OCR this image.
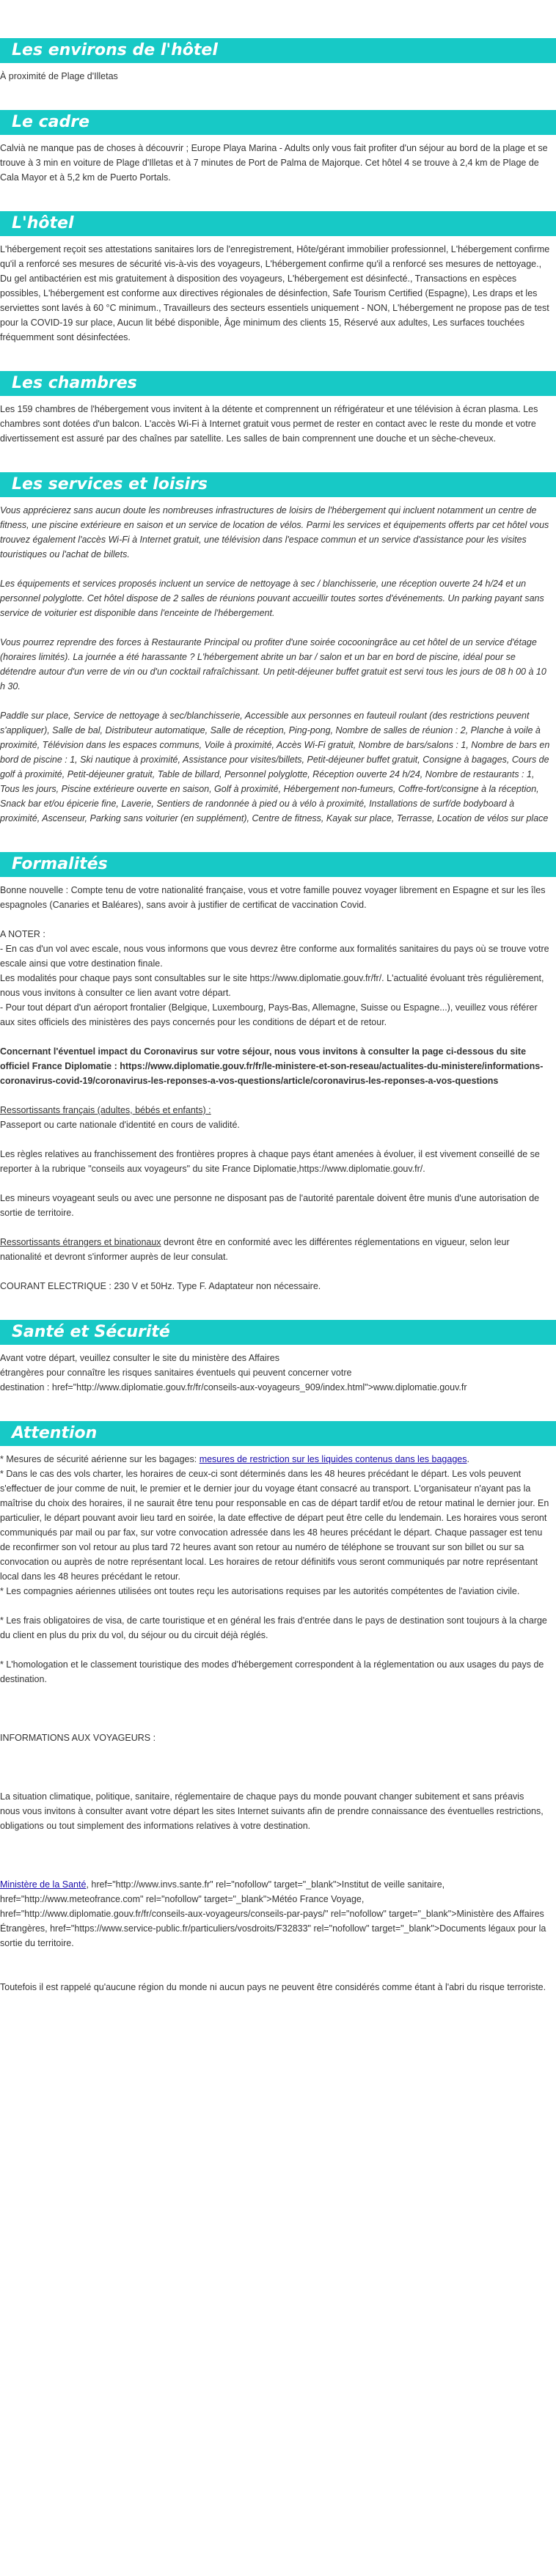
Les environs de l'hôtel

À proximité de Plage d'Illetas

Le cadre

Calvià ne manque pas de choses à découvrir ; Europe Playa Marina - Adults only vous fait profiter d'un séjour au bord de la plage et se trouve à 3 min en voiture de Plage d'Illetas et à 7 minutes de Port de Palma de Majorque. Cet hôtel 4 se trouve à 2,4 km de Plage de Cala Mayor et à 5,2 km de Puerto Portals.

L'hôtel

L'hébergement reçoit ses attestations sanitaires lors de l'enregistrement, Hôte/gérant immobilier professionnel, L'hébergement confirme qu'il a renforcé ses mesures de sécurité vis-à-vis des voyageurs, L'hébergement confirme qu'il a renforcé ses mesures de nettoyage., Du gel antibactérien est mis gratuitement à disposition des voyageurs, L'hébergement est désinfecté., Transactions en espèces possibles, L'hébergement est conforme aux directives régionales de désinfection, Safe Tourism Certified (Espagne), Les draps et les serviettes sont lavés à 60 °C minimum., Travailleurs des secteurs essentiels uniquement - NON, L'hébergement ne propose pas de test pour la COVID-19 sur place, Aucun lit bébé disponible, Âge minimum des clients 15, Réservé aux adultes, Les surfaces touchées fréquemment sont désinfectées.

Les chambres

Les 159 chambres de l'hébergement vous invitent à la détente et comprennent un réfrigérateur et une télévision à écran plasma. Les chambres sont dotées d'un balcon. L'accès Wi-Fi à Internet gratuit vous permet de rester en contact avec le reste du monde et votre divertissement est assuré par des chaînes par satellite. Les salles de bain comprennent une douche et un sèche-cheveux.

Les services et loisirs

Vous apprécierez sans aucun doute les nombreuses infrastructures de loisirs de l'hébergement qui incluent notamment un centre de fitness, une piscine extérieure en saison et un service de location de vélos. Parmi les services et équipements offerts par cet hôtel vous trouvez également l'accès Wi-Fi à Internet gratuit, une télévision dans l'espace commun et un service d'assistance pour les visites touristiques ou l'achat de billets.

Les équipements et services proposés incluent un service de nettoyage à sec / blanchisserie, une réception ouverte 24 h/24 et un personnel polyglotte. Cet hôtel dispose de 2 salles de réunions pouvant accueillir toutes sortes d'événements. Un parking payant sans service de voiturier est disponible dans l'enceinte de l'hébergement.

Vous pourrez reprendre des forces à Restaurante Principal ou profiter d'une soirée cocooningrâce au cet hôtel de un service d'étage (horaires limités). La journée a été harassante ? L'hébergement abrite un bar / salon et un bar en bord de piscine, idéal pour se détendre autour d'un verre de vin ou d'un cocktail rafraîchissant. Un petit-déjeuner buffet gratuit est servi tous les jours de 08 h 00 à 10 h 30.

Paddle sur place, Service de nettoyage à sec/blanchisserie, Accessible aux personnes en fauteuil roulant (des restrictions peuvent s'appliquer), Salle de bal, Distributeur automatique, Salle de réception, Ping-pong, Nombre de salles de réunion : 2, Planche à voile à proximité, Télévision dans les espaces communs, Voile à proximité, Accès Wi-Fi gratuit, Nombre de bars/salons : 1, Nombre de bars en bord de piscine : 1, Ski nautique à proximité, Assistance pour visites/billets, Petit-déjeuner buffet gratuit, Consigne à bagages, Cours de golf à proximité, Petit-déjeuner gratuit, Table de billard, Personnel polyglotte, Réception ouverte 24 h/24, Nombre de restaurants : 1, Tous les jours, Piscine extérieure ouverte en saison, Golf à proximité, Hébergement non-fumeurs, Coffre-fort/consigne à la réception, Snack bar et/ou épicerie fine, Laverie, Sentiers de randonnée à pied ou à vélo à proximité, Installations de surf/de bodyboard à proximité, Ascenseur, Parking sans voiturier (en supplément), Centre de fitness, Kayak sur place, Terrasse, Location de vélos sur place

Formalités

Bonne nouvelle : Compte tenu de votre nationalité française, vous et votre famille pouvez voyager librement en Espagne et sur les îles espagnoles (Canaries et Baléares), sans avoir à justifier de certificat de vaccination Covid.

A NOTER :

- En cas d'un vol avec escale, nous vous informons que vous devrez être conforme aux formalités sanitaires du pays où se trouve votre escale ainsi que votre destination finale.

Les modalités pour chaque pays sont consultables sur le site https://www.diplomatie.gouv.fr/fr/. L'actualité évoluant très régulièrement, nous vous invitons à consulter ce lien avant votre départ.

- Pour tout départ d'un aéroport frontalier (Belgique, Luxembourg, Pays-Bas, Allemagne, Suisse ou Espagne...), veuillez vous référer aux sites officiels des ministères des pays concernés pour les conditions de départ et de retour.

Concernant l'éventuel impact du Coronavirus sur votre séjour, nous vous invitons à consulter la page ci-dessous du site officiel France Diplomatie : https://www.diplomatie.gouv.fr/fr/le-ministere-et-son-reseau/actualites-du-ministere/informations-coronavirus-covid-19/coronavirus-les-reponses-a-vos-questions/article/coronavirus-les-reponses-a-vos-questions

Ressortissants français (adultes, bébés et enfants) :

Passeport ou carte nationale d'identité en cours de validité.

Les règles relatives au franchissement des frontières propres à chaque pays étant amenées à évoluer, il est vivement conseillé de se reporter à la rubrique "conseils aux voyageurs" du site France Diplomatie,https://www.diplomatie.gouv.fr/.

Les mineurs voyageant seuls ou avec une personne ne disposant pas de l'autorité parentale doivent être munis d'une autorisation de sortie de territoire.

Ressortissants étrangers et binationaux devront être en conformité avec les différentes réglementations en vigueur, selon leur nationalité et devront s'informer auprès de leur consulat.

COURANT ELECTRIQUE : 230 V et 50Hz. Type F. Adaptateur non nécessaire.

Santé et Sécurité

Avant votre départ, veuillez consulter le site du ministère des Affaires

étrangères pour connaître les risques sanitaires éventuels qui peuvent concerner votre

destination : href="http://www.diplomatie.gouv.fr/fr/conseils-aux-voyageurs_909/index.html">www.diplomatie.gouv.fr

Attention

* Mesures de sécurité aérienne sur les bagages: mesures de restriction sur les liquides contenus dans les bagages.

* Dans le cas des vols charter, les horaires de ceux-ci sont déterminés dans les 48 heures précédant le départ. Les vols peuvent s'effectuer de jour comme de nuit, le premier et le dernier jour du voyage étant consacré au transport. L'organisateur n'ayant pas la maîtrise du choix des horaires, il ne saurait être tenu pour responsable en cas de départ tardif et/ou de retour matinal le dernier jour. En particulier, le départ pouvant avoir lieu tard en soirée, la date effective de départ peut être celle du lendemain. Les horaires vous seront communiqués par mail ou par fax, sur votre convocation adressée dans les 48 heures précédant le départ. Chaque passager est tenu de reconfirmer son vol retour au plus tard 72 heures avant son retour au numéro de téléphone se trouvant sur son billet ou sur sa convocation ou auprès de notre représentant local. Les horaires de retour définitifs vous seront communiqués par notre représentant local dans les 48 heures précédant le retour.

* Les compagnies aériennes utilisées ont toutes reçu les autorisations requises par les autorités compétentes de l'aviation civile.

* Les frais obligatoires de visa, de carte touristique et en général les frais d'entrée dans le pays de destination sont toujours à la charge du client en plus du prix du vol, du séjour ou du circuit déjà réglés.

* L'homologation et le classement touristique des modes d'hébergement correspondent à la réglementation ou aux usages du pays de destination.

INFORMATIONS AUX VOYAGEURS :

La situation climatique, politique, sanitaire, réglementaire de chaque pays du monde pouvant changer subitement et sans préavis

nous vous invitons à consulter avant votre départ les sites Internet suivants afin de prendre connaissance des éventuelles restrictions, obligations ou tout simplement des informations relatives à votre destination.

Ministère de la Santé, href="http://www.invs.sante.fr" rel="nofollow" target="_blank">Institut de veille sanitaire, href="http://www.meteofrance.com" rel="nofollow" target="_blank">Météo France Voyage, href="http://www.diplomatie.gouv.fr/fr/conseils-aux-voyageurs/conseils-par-pays/" rel="nofollow" target="_blank">Ministère des Affaires Étrangères, href="https://www.service-public.fr/particuliers/vosdroits/F32833" rel="nofollow" target="_blank">Documents légaux pour la sortie du territoire.

Toutefois il est rappelé qu'aucune région du monde ni aucun pays ne peuvent être considérés comme étant à l'abri du risque terroriste.
